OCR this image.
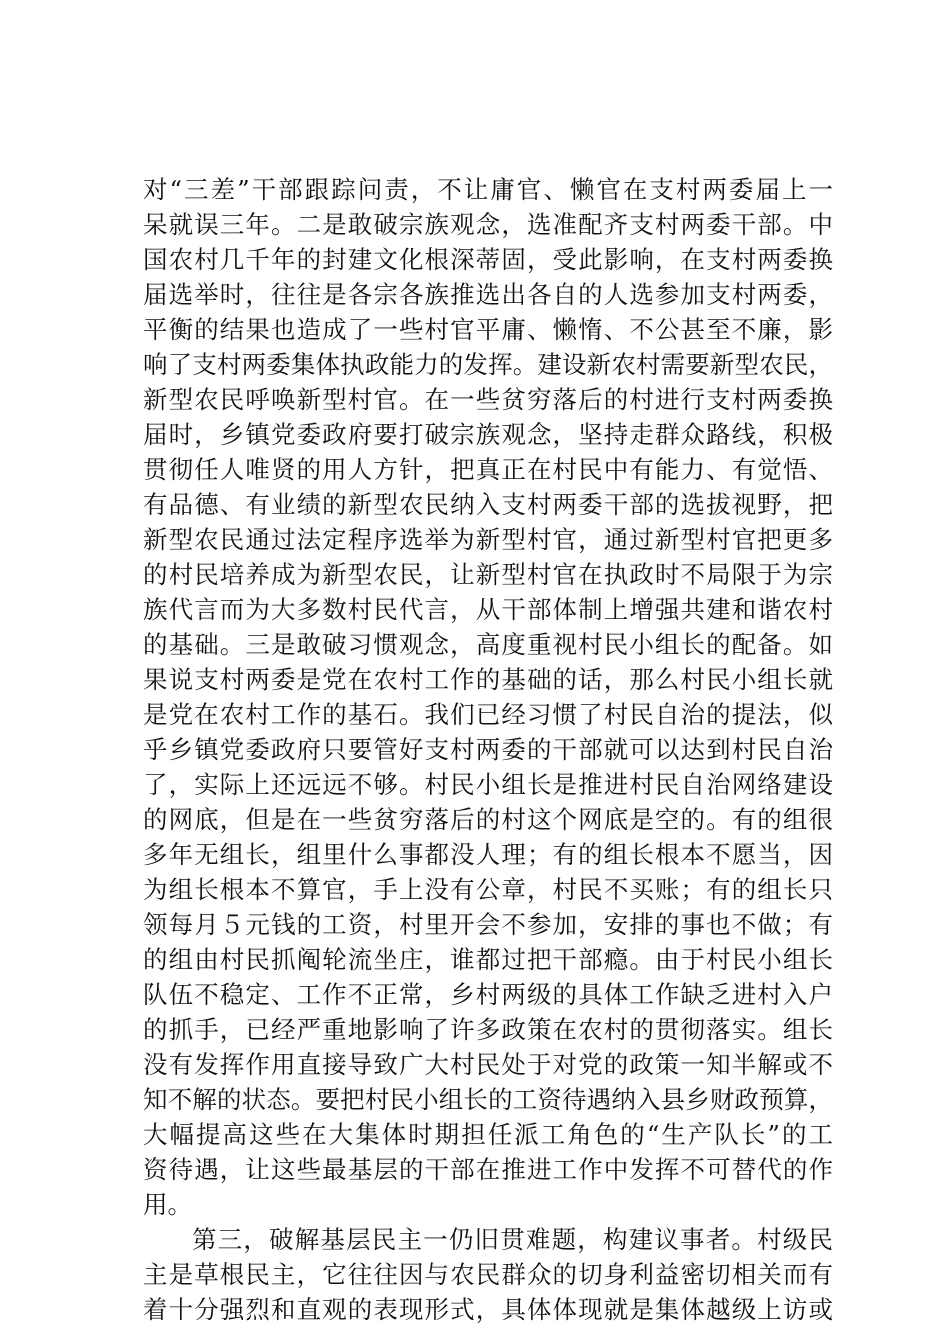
对“三差”干部跟踪问责，不让庸官、懒官在支村两委届上一
呆就误三年。二是敢破宗族观念，选准配齐支村两委干部。中
国农村几千年的封建文化根深蒂固，受此影响，在支村两委换
届选举时，往往是各宗各族推选出各自的人选参加支村两委，
平衡的结果也造成了一些村官平庸、懒惰、不公甚至不廉，影
响了支村两委集体执政能力的发挥。建设新农村需要新型农民，
新型农民呼唤新型村官。在一些贫穷落后的村进行支村两委换
届时，乡镇党委政府要打破宗族观念，坚持走群众路线，积极
贯彻任人唯贤的用人方针，把真正在村民中有能力、有觉悟、
有品德、有业绩的新型农民纳入支村两委干部的选拔视野，把
新型农民通过法定程序选举为新型村官，通过新型村官把更多
的村民培养成为新型农民，让新型村官在执政时不局限于为宗
族代言而为大多数村民代言，从干部体制上增强共建和谐农村
的基础。三是敢破习惯观念，高度重视村民小组长的配备。如
果说支村两委是党在农村工作的基础的话，那么村民小组长就
是党在农村工作的基石。我们已经习惯了村民自治的提法，似
乎乡镇党委政府只要管好支村两委的干部就可以达到村民自治
了，实际上还远远不够。村民小组长是推进村民自治网络建设
的网底，但是在一些贫穷落后的村这个网底是空的。有的组很
多年无组长，组里什么事都没人理；有的组长根本不愿当，因
为组长根本不算官，手上没有公章，村民不买账；有的组长只
领每月５元钱的工资，村里开会不参加，安排的事也不做；有
的组由村民抓阄轮流坐庄，谁都过把干部瘾。由于村民小组长
队伍不稳定、工作不正常，乡村两级的具体工作缺乏进村入户
的抓手，已经严重地影响了许多政策在农村的贯彻落实。组长
没有发挥作用直接导致广大村民处于对党的政策一知半解或不
知不解的状态。要把村民小组长的工资待遇纳入县乡财政预算，
大幅提高这些在大集体时期担任派工角色的“生产队长”的工
资待遇，让这些最基层的干部在推进工作中发挥不可替代的作
用。
第三，破解基层民主一仍旧贯难题，构建议事者。村级民
主是草根民主，它往往因与农民群众的切身利益密切相关而有
着十分强烈和直观的表现形式，具体体现就是集体越级上访或
